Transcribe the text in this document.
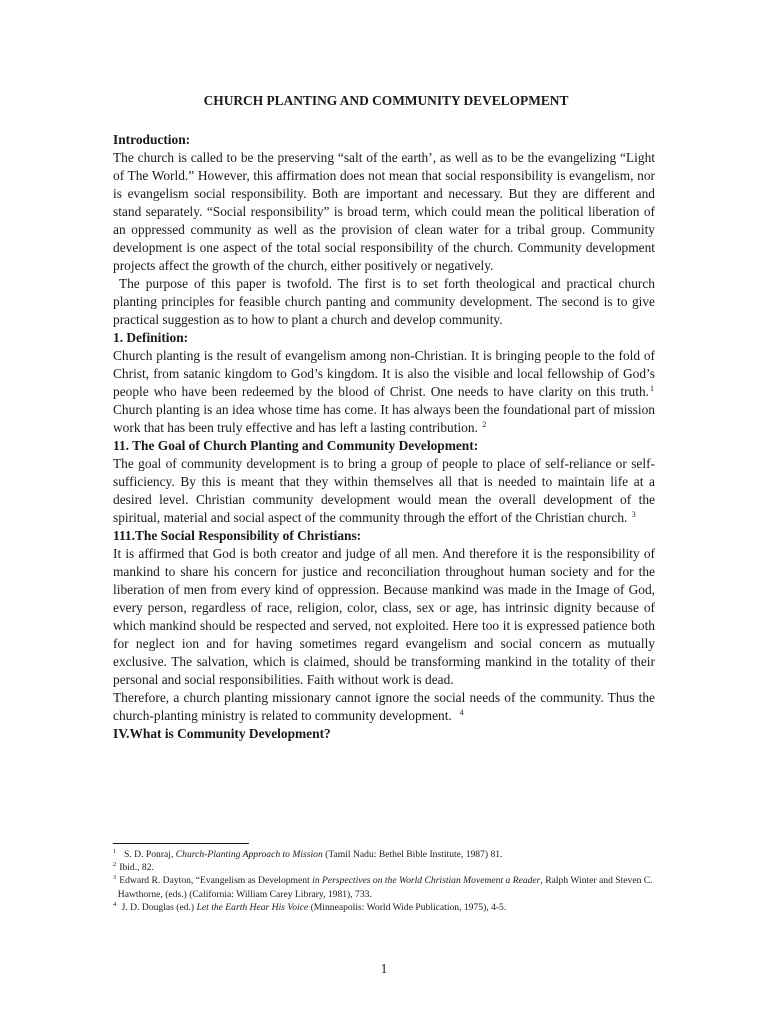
CHURCH PLANTING AND COMMUNITY DEVELOPMENT

Introduction:

The church is called to be the preserving “salt of the earth’, as well as to be the evangelizing “Light of The World.” However, this affirmation does not mean that social responsibility is evangelism, nor is evangelism social responsibility. Both are important and necessary. But they are different and stand separately. “Social responsibility” is broad term, which could mean the political liberation of an oppressed community as well as the provision of clean water for a tribal group. Community development is one aspect of the total social responsibility of the church. Community development projects affect the growth of the church, either positively or negatively.

The purpose of this paper is twofold. The first is to set forth theological and practical church planting principles for feasible church panting and community development. The second is to give practical suggestion as to how to plant a church and develop community.

1. Definition:

Church planting is the result of evangelism among non-Christian. It is bringing people to the fold of Christ, from satanic kingdom to God’s kingdom. It is also the visible and local fellowship of God’s people who have been redeemed by the blood of Christ. One needs to have clarity on this truth.$^1$ Church planting is an idea whose time has come. It has always been the foundational part of mission work that has been truly effective and has left a lasting contribution. $^2$

11. The Goal of Church Planting and Community Development:

The goal of community development is to bring a group of people to place of self-reliance or self-sufficiency. By this is meant that they within themselves all that is needed to maintain life at a desired level. Christian community development would mean the overall development of the spiritual, material and social aspect of the community through the effort of the Christian church. $^3$

111.The Social Responsibility of Christians:

It is affirmed that God is both creator and judge of all men. And therefore it is the responsibility of mankind to share his concern for justice and reconciliation throughout human society and for the liberation of men from every kind of oppression. Because mankind was made in the Image of God, every person, regardless of race, religion, color, class, sex or age, has intrinsic dignity because of which mankind should be respected and served, not exploited. Here too it is expressed patience both for neglect ion and for having sometimes regard evangelism and social concern as mutually exclusive. The salvation, which is claimed, should be transforming mankind in the totality of their personal and social responsibilities. Faith without work is dead.

Therefore, a church planting missionary cannot ignore the social needs of the community. Thus the church-planting ministry is related to community development.  $^4$

IV.What is Community Development?

$^1$  S. D. Ponraj, Church-Planting Approach to Mission (Tamil Nadu: Bethel Bible Institute, 1987) 81.

$^2$ Ibid., 82.

$^3$ Edward R. Dayton, “Evangelism as Development in Perspectives on the World Christian Movement a Reader, Ralph Winter and Steven C.

Hawthorne, (eds.) (California: William Carey Library, 1981), 733.

$^4$ J. D. Douglas (ed.) Let the Earth Hear His Voice (Minneapolis: World Wide Publication, 1975), 4-5.

1
